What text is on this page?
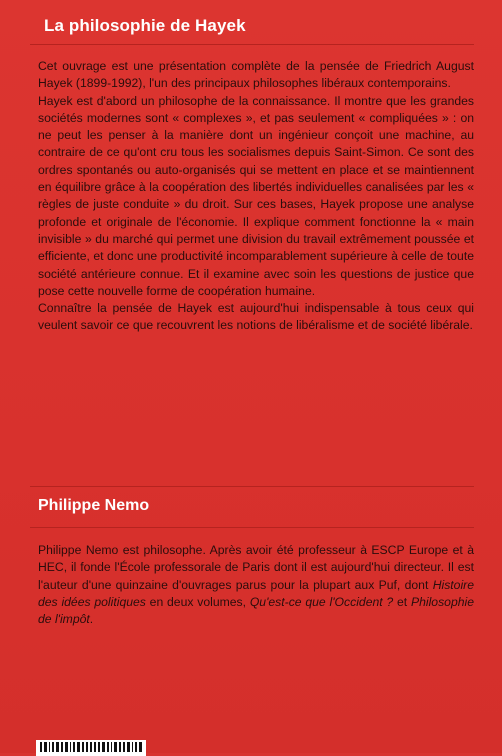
La philosophie de Hayek

Cet ouvrage est une présentation complète de la pensée de Friedrich August Hayek (1899-1992), l'un des principaux philosophes libéraux contemporains.

Hayek est d'abord un philosophe de la connaissance. Il montre que les grandes sociétés modernes sont « complexes », et pas seulement « compliquées » : on ne peut les penser à la manière dont un ingénieur conçoit une machine, au contraire de ce qu'ont cru tous les socialismes depuis Saint-Simon. Ce sont des ordres spontanés ou auto-organisés qui se mettent en place et se maintiennent en équilibre grâce à la coopération des libertés individuelles canalisées par les « règles de juste conduite » du droit. Sur ces bases, Hayek propose une analyse profonde et originale de l'économie. Il explique comment fonctionne la « main invisible » du marché qui permet une division du travail extrêmement poussée et efficiente, et donc une productivité incomparablement supérieure à celle de toute société antérieure connue. Et il examine avec soin les questions de justice que pose cette nouvelle forme de coopération humaine.

Connaître la pensée de Hayek est aujourd'hui indispensable à tous ceux qui veulent savoir ce que recouvrent les notions de libéralisme et de société libérale.

Philippe Nemo

Philippe Nemo est philosophe. Après avoir été professeur à ESCP Europe et à HEC, il fonde l'École professorale de Paris dont il est aujourd'hui directeur. Il est l'auteur d'une quinzaine d'ouvrages parus pour la plupart aux Puf, dont Histoire des idées politiques en deux volumes, Qu'est-ce que l'Occident ? et Philosophie de l'impôt.
